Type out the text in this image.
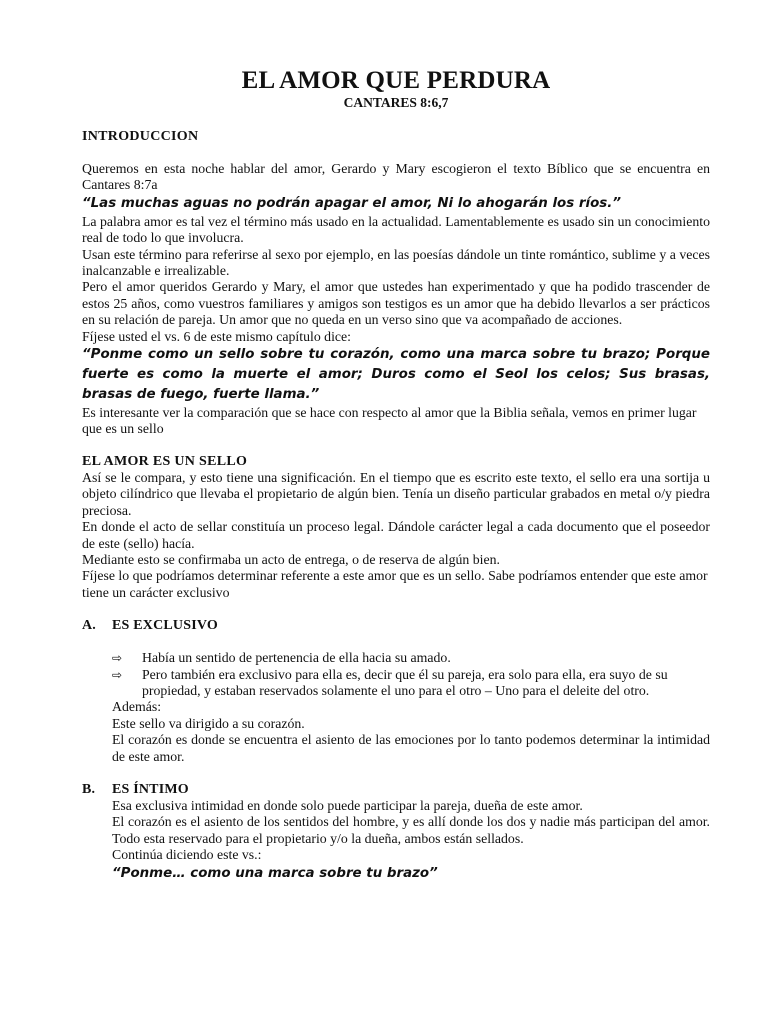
EL AMOR QUE PERDURA
CANTARES 8:6,7
INTRODUCCION

Queremos en esta noche hablar del amor, Gerardo y Mary escogieron el texto Bíblico que se encuentra en Cantares 8:7a

“Las muchas aguas no podrán apagar el amor, Ni lo ahogarán los ríos.”

La palabra amor es tal vez el término más usado en la actualidad. Lamentablemente es usado sin un conocimiento real de todo lo que involucra.

Usan este término para referirse al sexo por ejemplo, en las poesías dándole un tinte romántico, sublime y a veces inalcanzable e irrealizable.

Pero el amor queridos Gerardo y Mary, el amor que ustedes han experimentado y que ha podido trascender de estos 25 años, como vuestros familiares y amigos son testigos es un amor que ha debido llevarlos a ser prácticos en su relación de pareja. Un amor que no queda en un verso sino que va acompañado de acciones.

Fíjese usted el vs. 6 de este mismo capítulo dice:

“Ponme como un sello sobre tu corazón, como una marca sobre tu brazo; Porque fuerte es como la muerte el amor; Duros como el Seol los celos; Sus brasas, brasas de fuego, fuerte llama.”

Es interesante ver la comparación que se hace con respecto al amor que la Biblia señala, vemos en primer lugar que es un sello

EL AMOR ES UN SELLO

Así se le compara, y esto tiene una significación. En el tiempo que es escrito este texto, el sello era una sortija u objeto cilíndrico que llevaba el propietario de algún bien. Tenía un diseño particular grabados en metal o/y piedra preciosa.

En donde el acto de sellar constituía un proceso legal. Dándole carácter legal a cada documento que el poseedor de este (sello) hacía.

Mediante esto se confirmaba un acto de entrega, o de reserva de algún bien.

Fíjese lo que podríamos determinar referente a este amor que es un sello. Sabe podríamos entender que este amor tiene un carácter exclusivo

A.	ES EXCLUSIVO
⇨	Había un sentido de pertenencia de ella hacia su amado.
⇨	Pero también era exclusivo para ella es, decir que él su pareja, era solo para ella, era suyo de su propiedad, y estaban reservados solamente el uno para el otro – Uno para el deleite del otro.

Además:

Este sello va dirigido a su corazón.

El corazón es donde se encuentra el asiento de las emociones por lo tanto podemos determinar la intimidad de este amor.

B.	ES ÍNTIMO

Esa exclusiva intimidad en donde solo puede participar la pareja, dueña de este amor.

El corazón es el asiento de los sentidos del hombre, y es allí donde los dos y nadie más participan del amor. Todo esta reservado para el propietario y/o la dueña, ambos están sellados.

Continúa diciendo este vs.:

“Ponme… como una marca sobre tu brazo”
